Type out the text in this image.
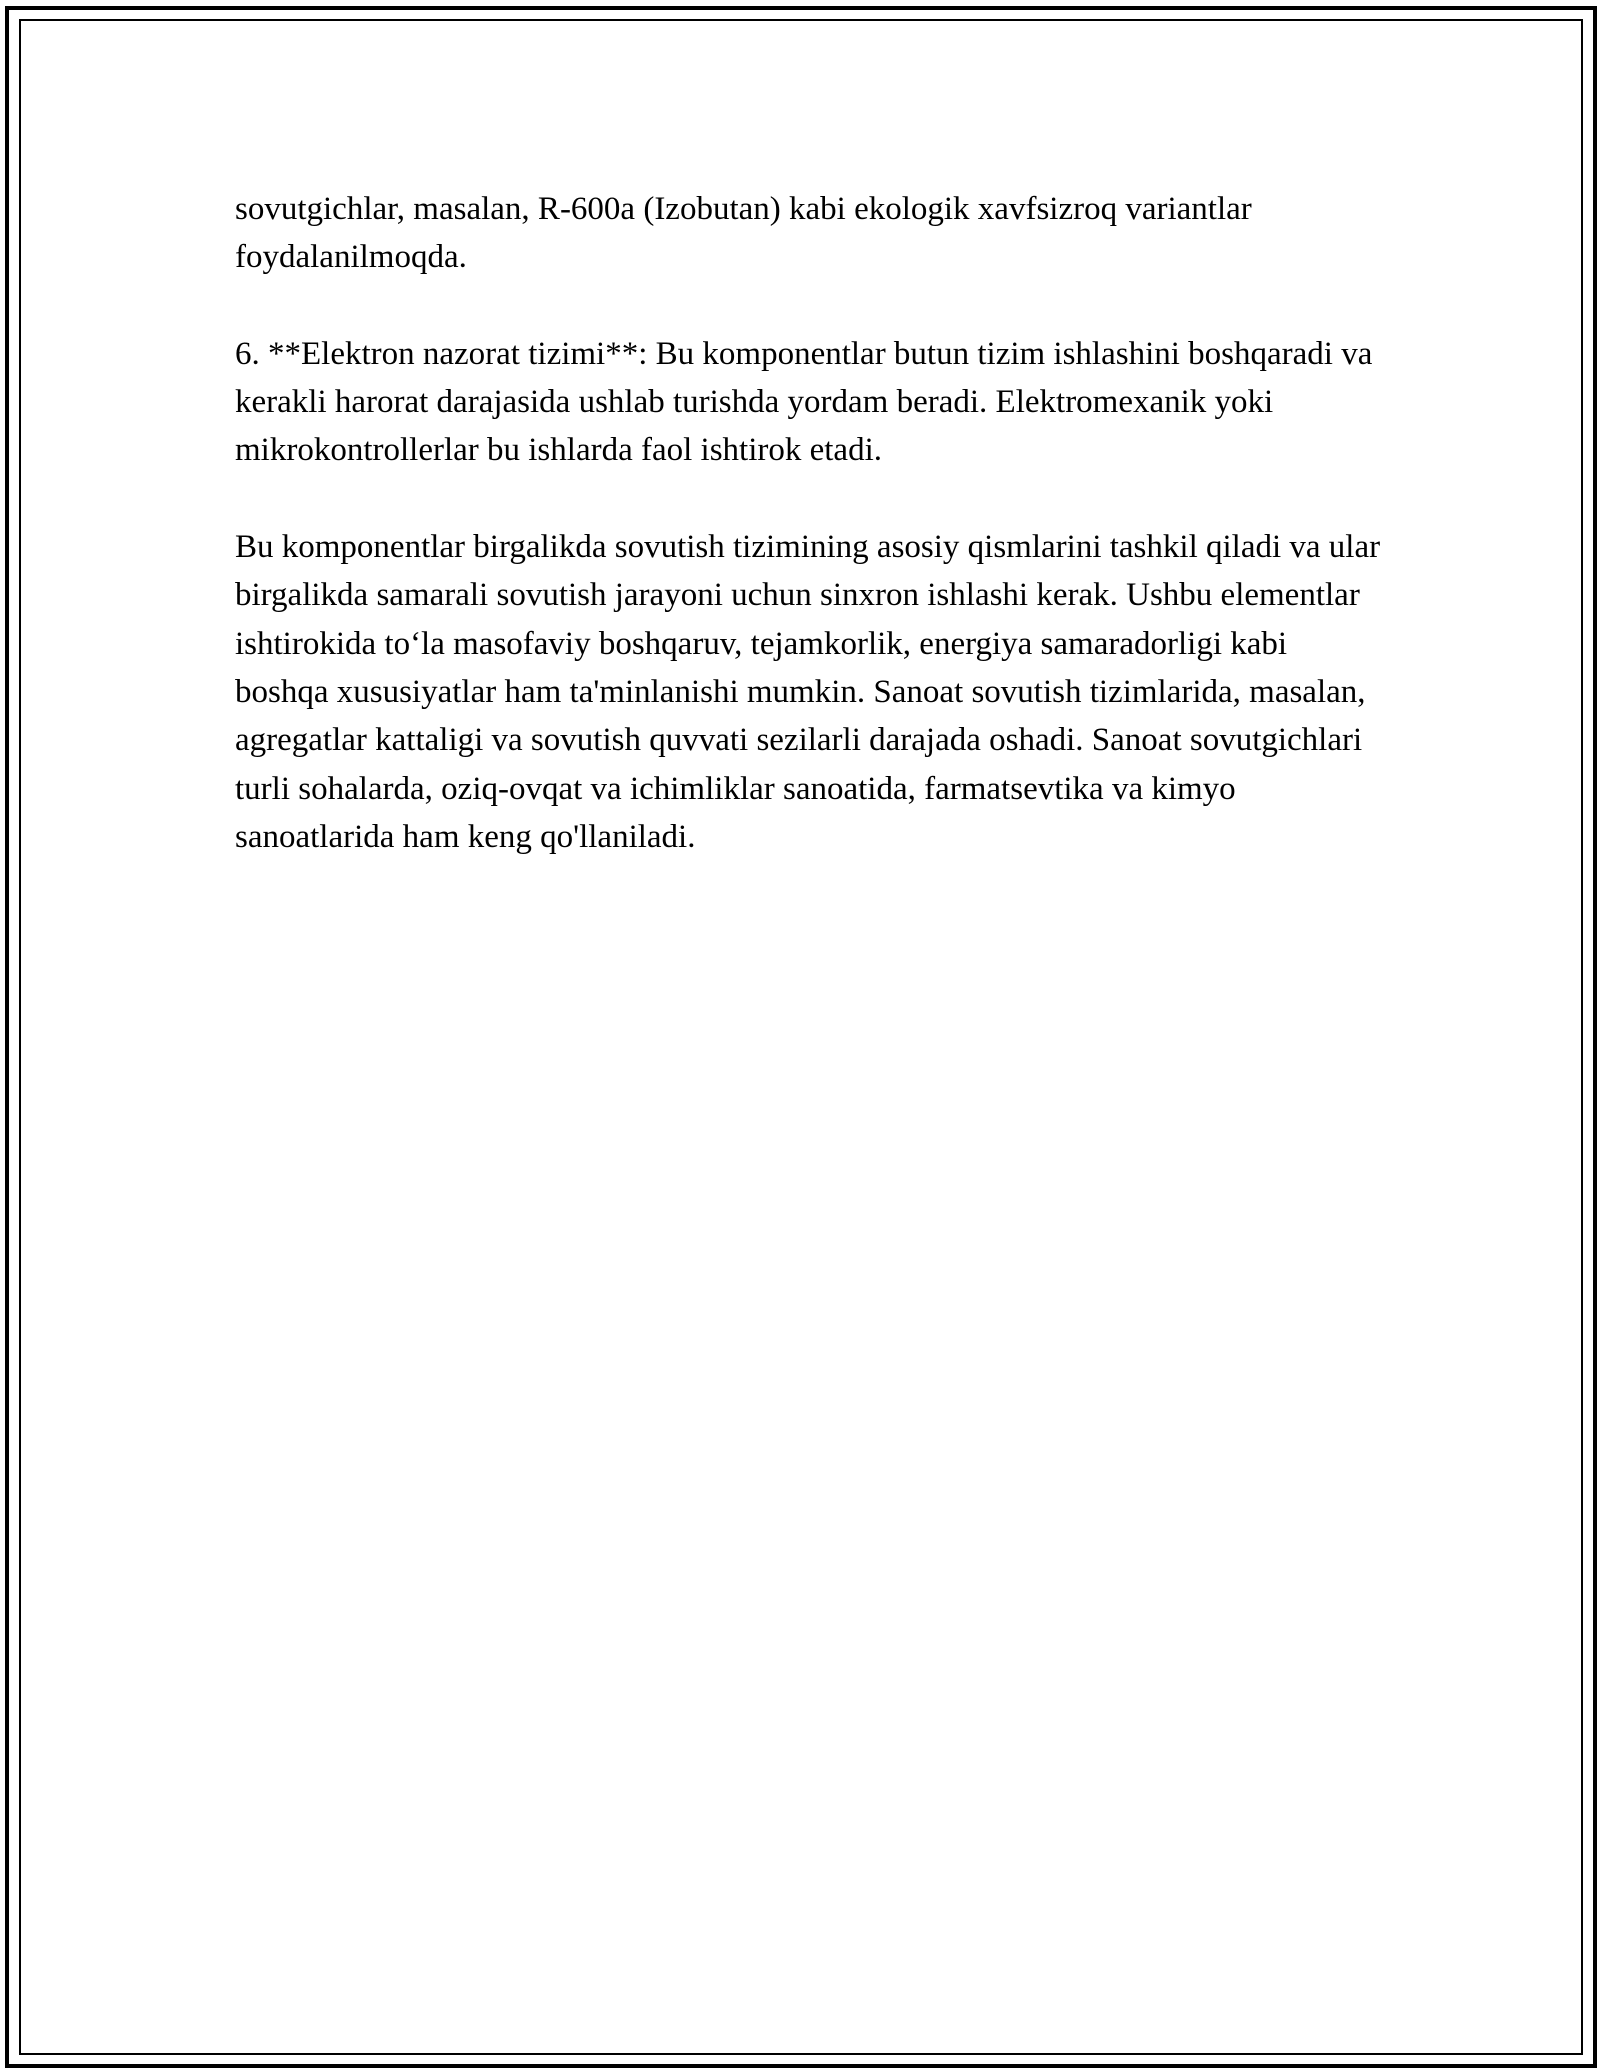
sovutgichlar, masalan, R-600a (Izobutan) kabi ekologik xavfsizroq variantlar foydalanilmoqda.

6. **Elektron nazorat tizimi**: Bu komponentlar butun tizim ishlashini boshqaradi va kerakli harorat darajasida ushlab turishda yordam beradi. Elektromexanik yoki mikrokontrollerlar bu ishlarda faol ishtirok etadi.

Bu komponentlar birgalikda sovutish tizimining asosiy qismlarini tashkil qiladi va ular birgalikda samarali sovutish jarayoni uchun sinxron ishlashi kerak. Ushbu elementlar ishtirokida to‘la masofaviy boshqaruv, tejamkorlik, energiya samaradorligi kabi boshqa xususiyatlar ham ta'minlanishi mumkin. Sanoat sovutish tizimlarida, masalan, agregatlar kattaligi va sovutish quvvati sezilarli darajada oshadi. Sanoat sovutgichlari turli sohalarda, oziq-ovqat va ichimliklar sanoatida, farmatsevtika va kimyo sanoatlarida ham keng qo'llaniladi.
